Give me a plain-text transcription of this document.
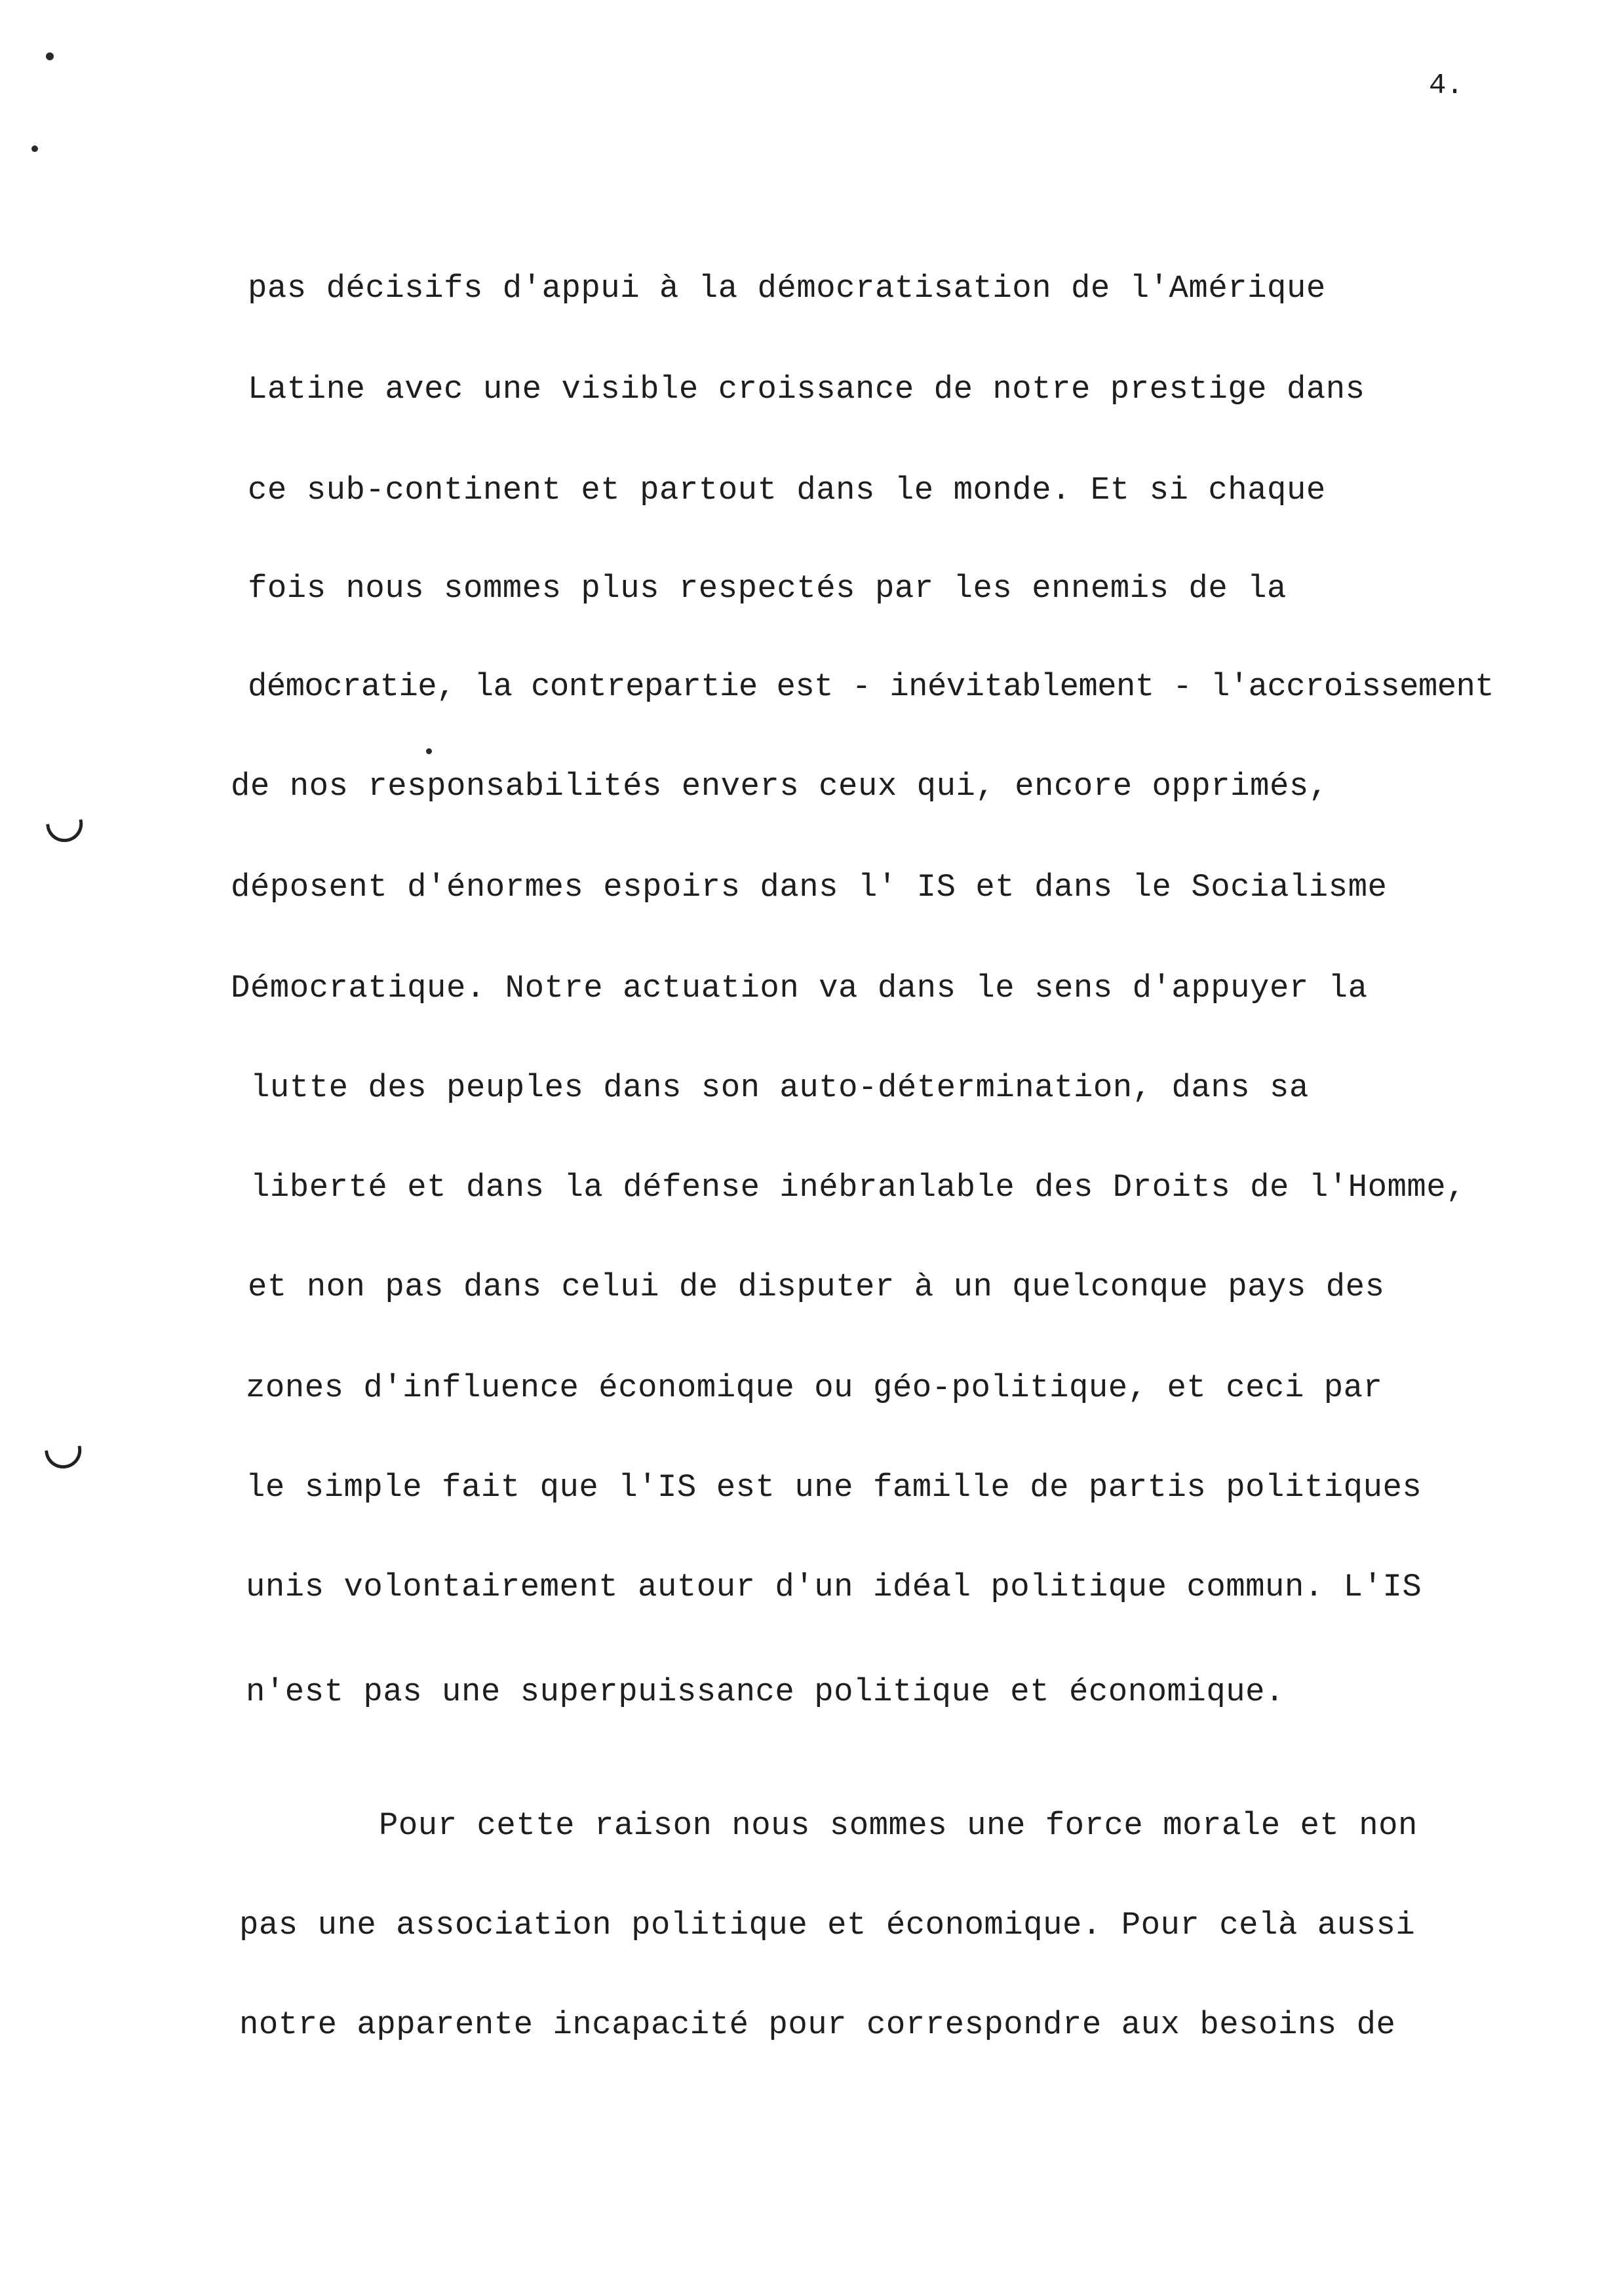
4.
pas décisifs d'appui à la démocratisation de l'Amérique
Latine avec une visible croissance de notre prestige dans
ce sub-continent et partout dans le monde. Et si chaque
fois nous sommes plus respectés par les ennemis de la
démocratie, la contrepartie est - inévitablement - l'accroissement
de nos responsabilités envers ceux qui, encore opprimés,
déposent d'énormes espoirs dans l' IS et dans le Socialisme
Démocratique. Notre actuation va dans le sens d'appuyer la
lutte des peuples dans son auto-détermination, dans sa
liberté et dans la défense inébranlable des Droits de l'Homme,
et non pas dans celui de disputer à un quelconque pays des
zones d'influence économique ou géo-politique, et ceci par
le simple fait que l'IS est une famille de partis politiques
unis volontairement autour d'un idéal politique commun. L'IS
n'est pas une superpuissance politique et économique.
Pour cette raison nous sommes une force morale et non
pas une association politique et économique. Pour celà aussi
notre apparente incapacité pour correspondre aux besoins de
